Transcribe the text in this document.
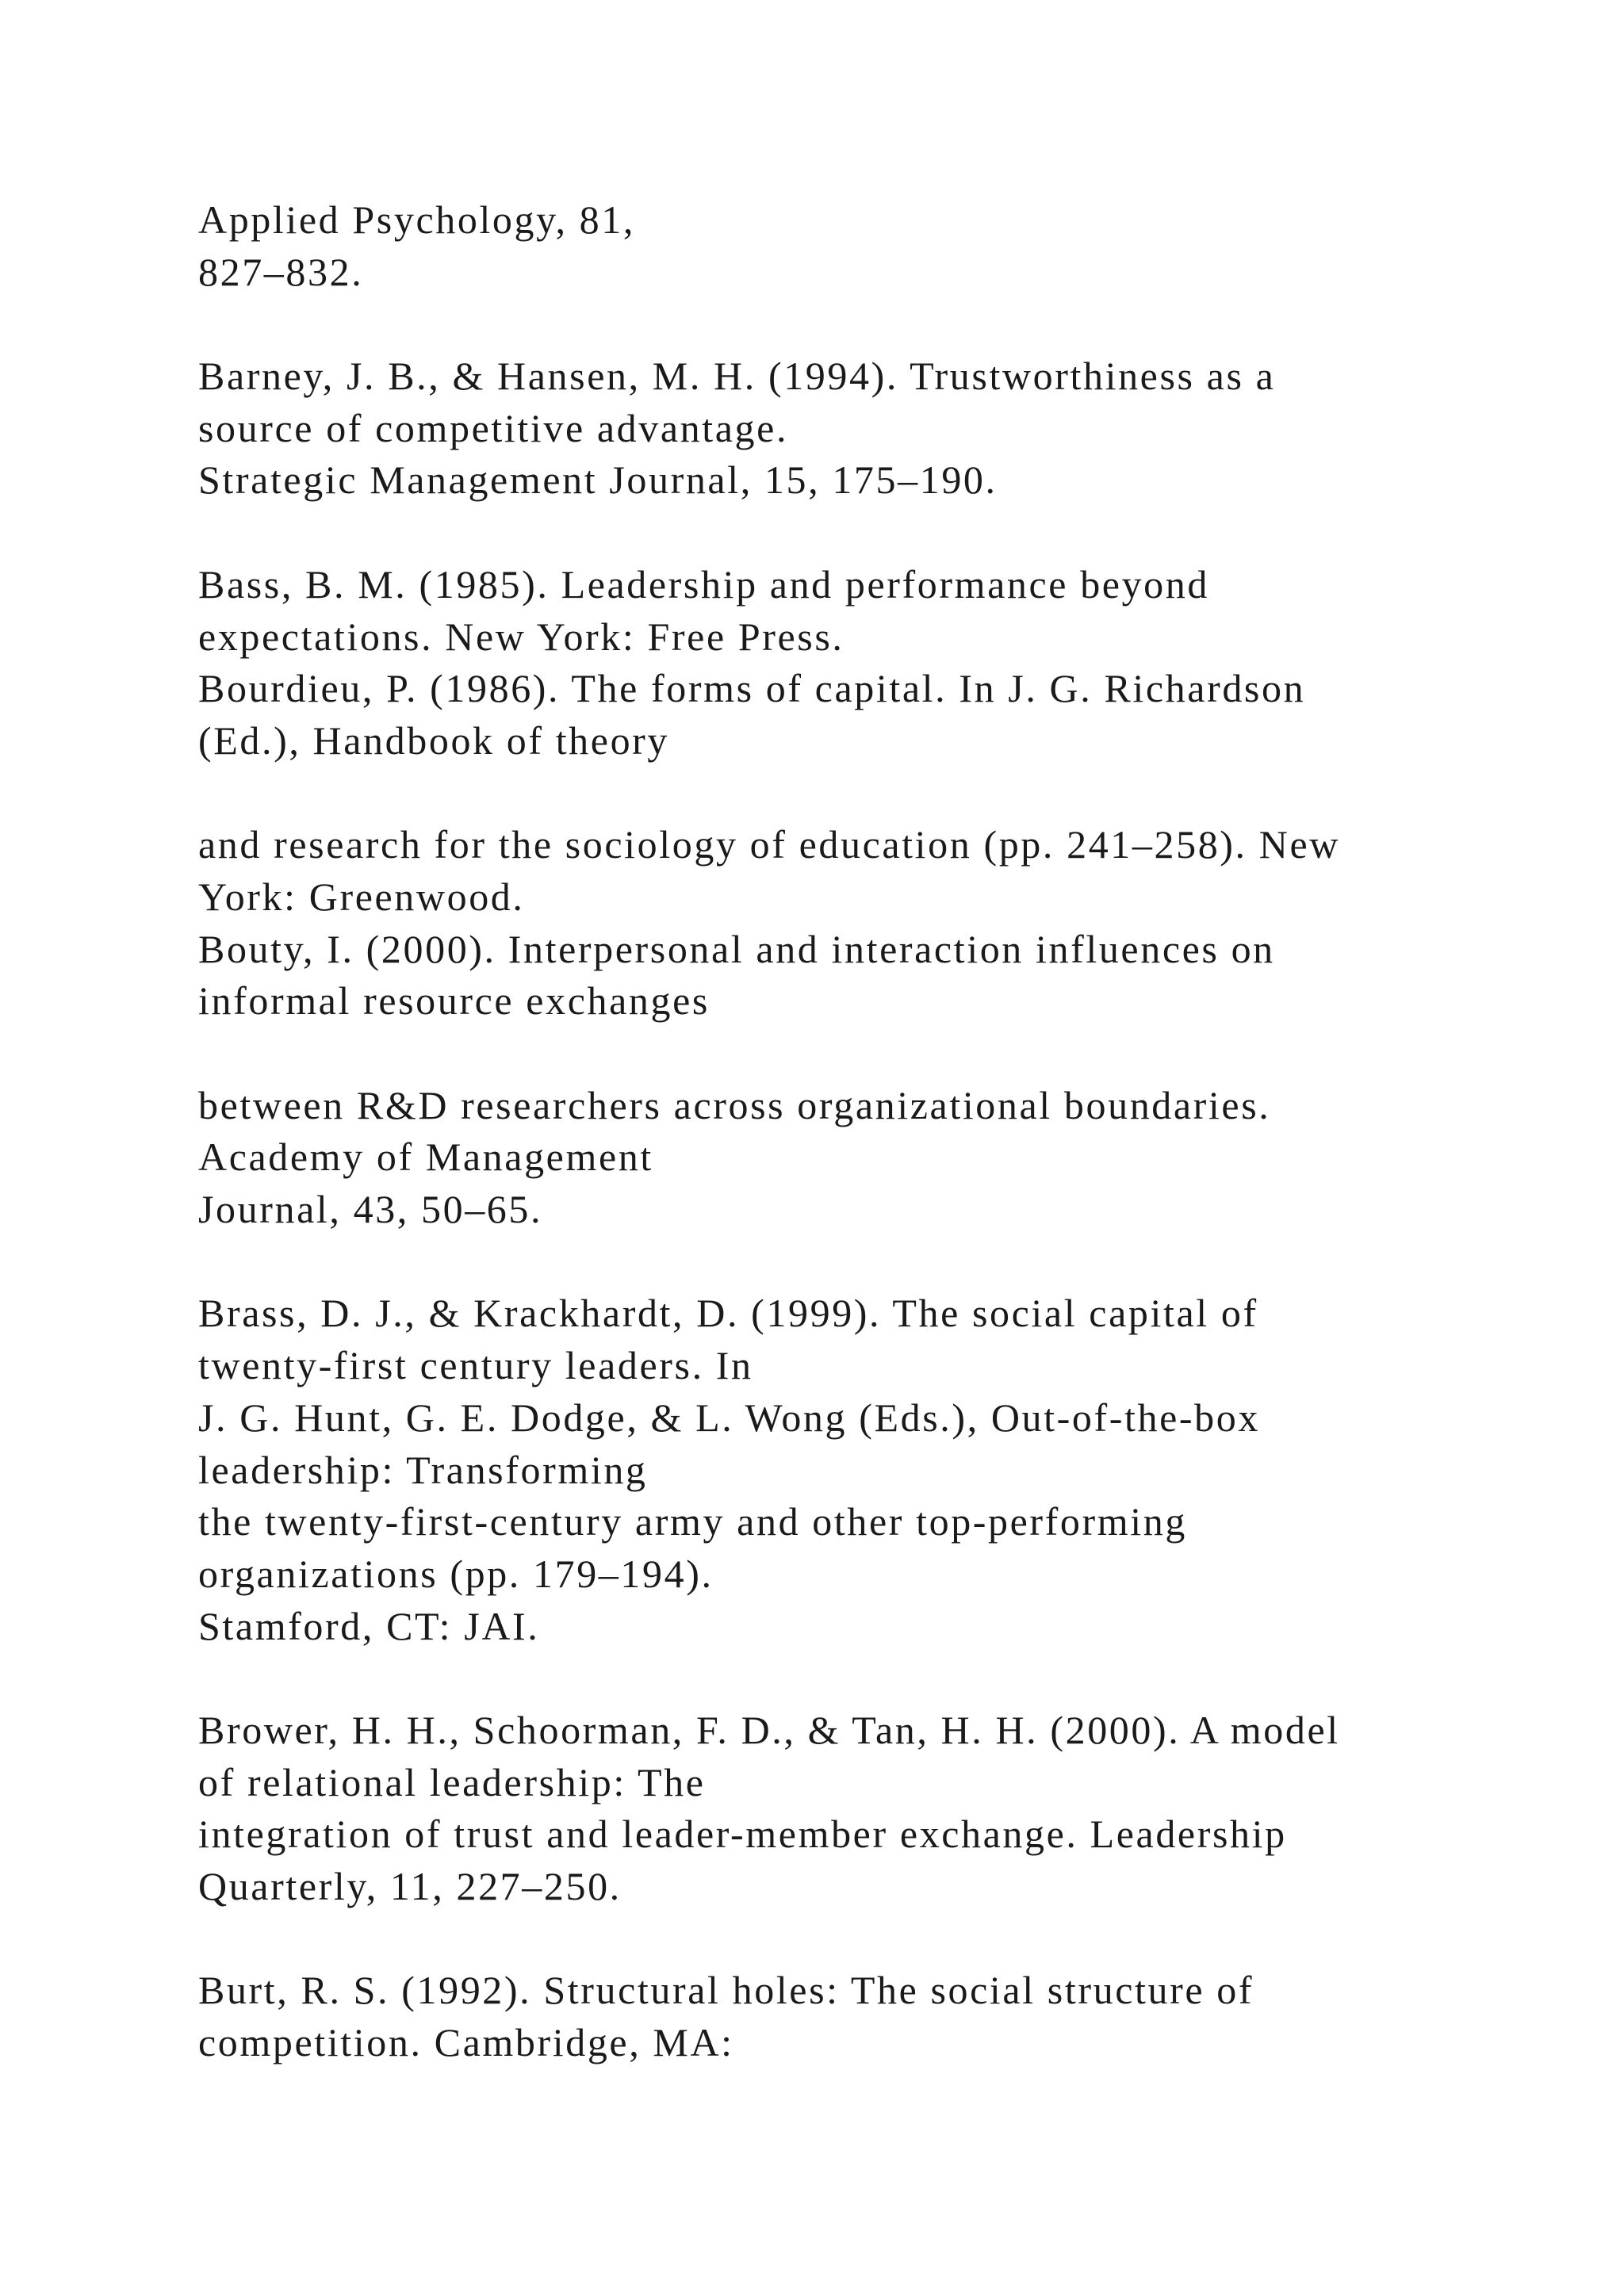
Applied Psychology, 81,
827–832.
Barney, J. B., & Hansen, M. H. (1994). Trustworthiness as a
source of competitive advantage.
Strategic Management Journal, 15, 175–190.
Bass, B. M. (1985). Leadership and performance beyond
expectations. New York: Free Press.
Bourdieu, P. (1986). The forms of capital. In J. G. Richardson
(Ed.), Handbook of theory
and research for the sociology of education (pp. 241–258). New
York: Greenwood.
Bouty, I. (2000). Interpersonal and interaction influences on
informal resource exchanges
between R&D researchers across organizational boundaries.
Academy of Management
Journal, 43, 50–65.
Brass, D. J., & Krackhardt, D. (1999). The social capital of
twenty-first century leaders. In
J. G. Hunt, G. E. Dodge, & L. Wong (Eds.), Out-of-the-box
leadership: Transforming
the twenty-first-century army and other top-performing
organizations (pp. 179–194).
Stamford, CT: JAI.
Brower, H. H., Schoorman, F. D., & Tan, H. H. (2000). A model
of relational leadership: The
integration of trust and leader-member exchange. Leadership
Quarterly, 11, 227–250.
Burt, R. S. (1992). Structural holes: The social structure of
competition. Cambridge, MA:
